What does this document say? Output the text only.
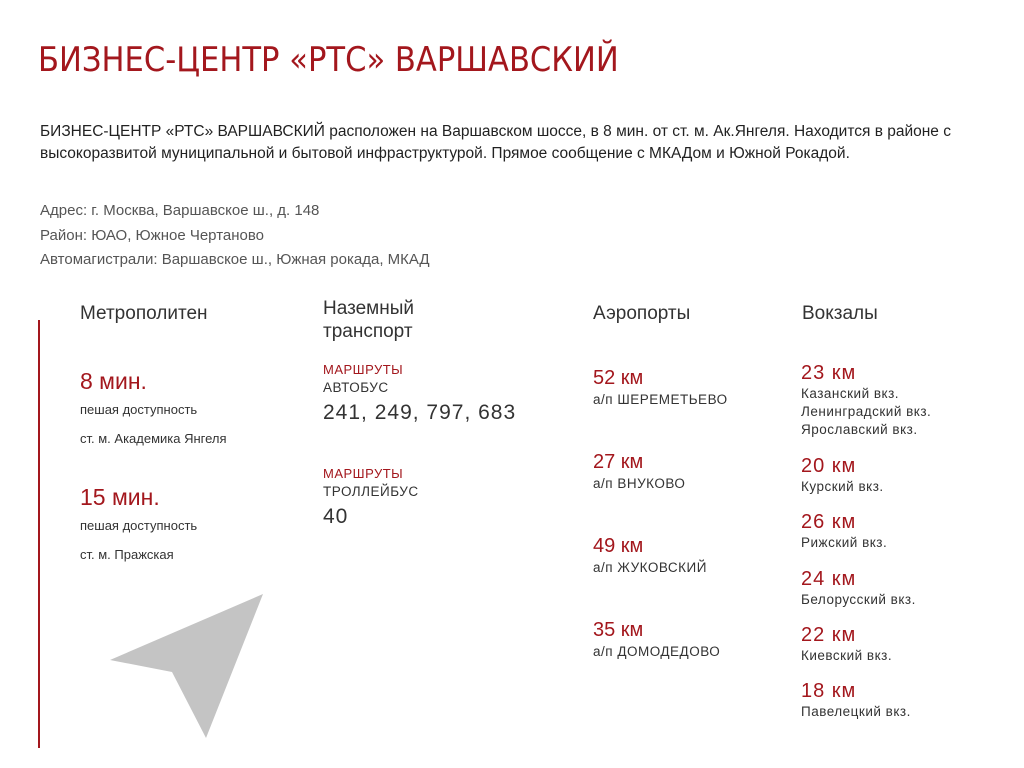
БИЗНЕС-ЦЕНТР «РТС» ВАРШАВСКИЙ
БИЗНЕС-ЦЕНТР «РТС» ВАРШАВСКИЙ расположен на Варшавском шоссе, в 8 мин. от ст. м. Ак.Янгеля. Находится в районе с высокоразвитой муниципальной и бытовой инфраструктурой. Прямое сообщение с МКАДом и Южной Рокадой.
Адрес: г. Москва, Варшавское ш., д. 148
Район: ЮАО, Южное Чертаново
Автомагистрали: Варшавское ш., Южная рокада, МКАД
Метрополитен
8 мин.
пешая доступность
ст. м. Академика Янгеля
15 мин.
пешая доступность
ст. м. Пражская
Наземный
транспорт
МАРШРУТЫ
АВТОБУС
241, 249, 797, 683
МАРШРУТЫ
ТРОЛЛЕЙБУС
40
Аэропорты
52 км
а/п ШЕРЕМЕТЬЕВО
27 км
а/п ВНУКОВО
49 км
а/п ЖУКОВСКИЙ
35 км
а/п ДОМОДЕДОВО
Вокзалы
23 км
Казанский вкз.
Ленинградский вкз.
Ярославский вкз.
20 км
Курский вкз.
26 км
Рижский вкз.
24 км
Белорусский вкз.
22 км
Киевский вкз.
18 км
Павелецкий вкз.
